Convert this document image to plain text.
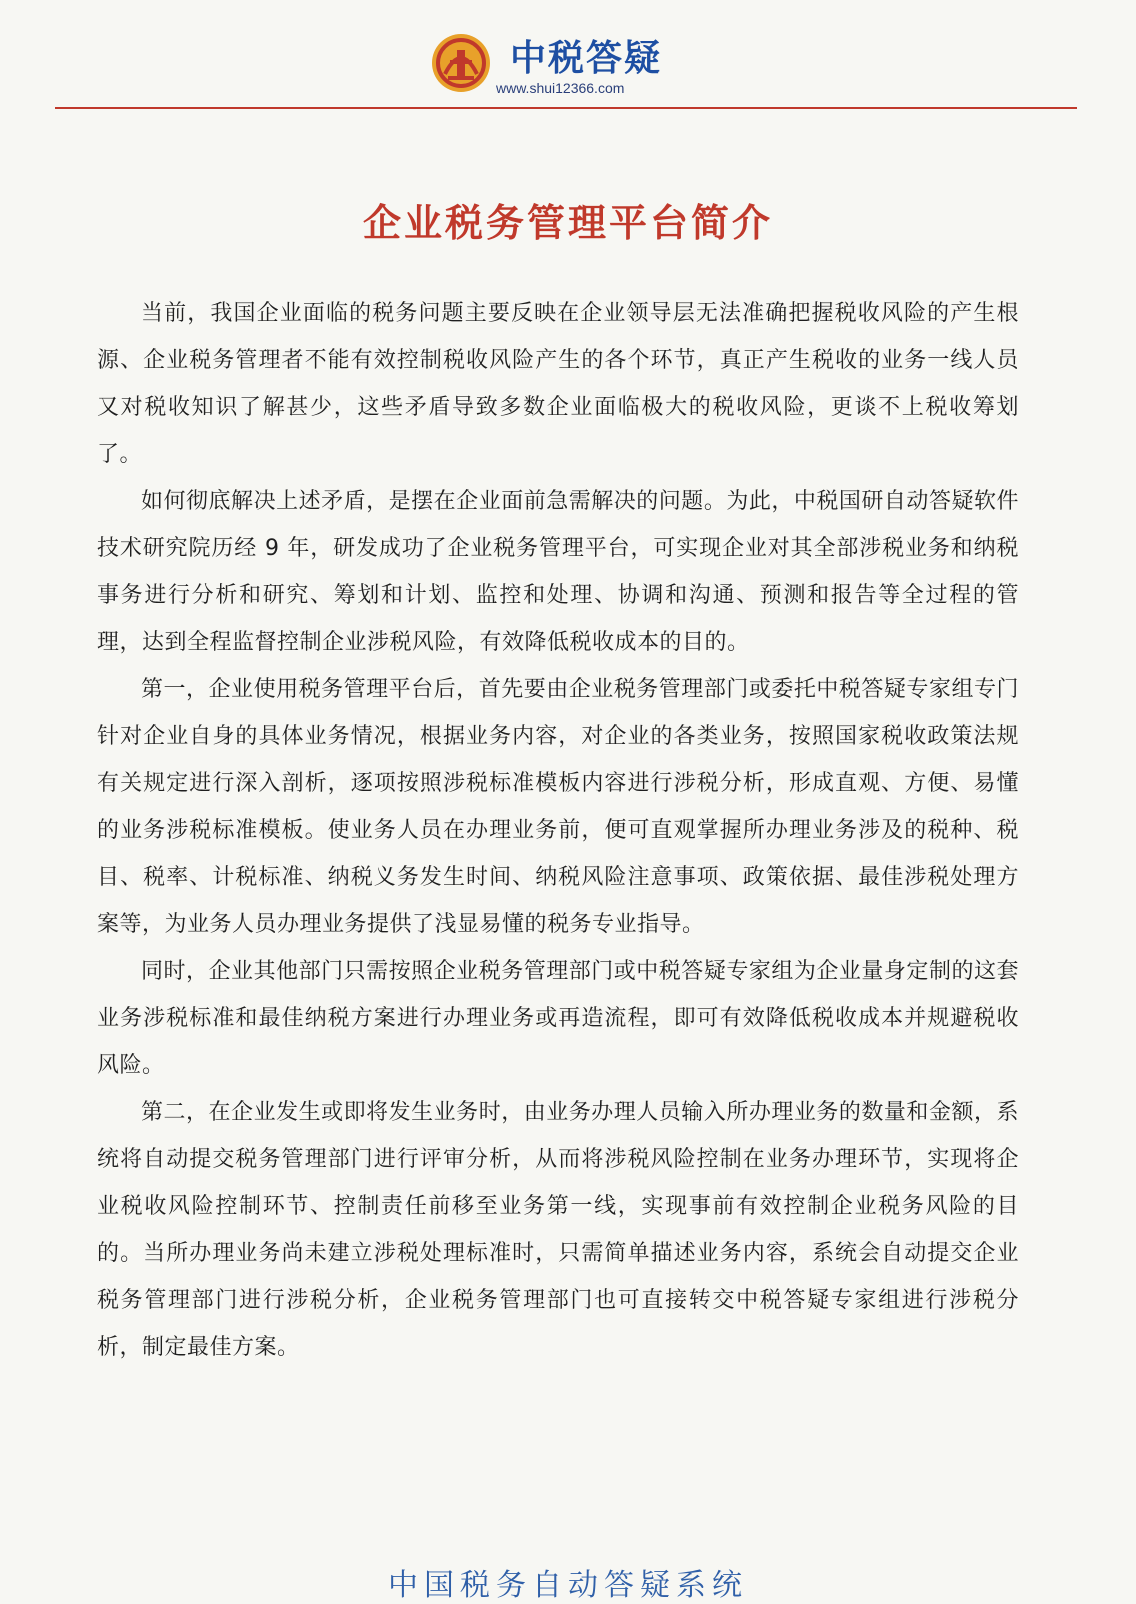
中税答疑
www.shui12366.com
企业税务管理平台简介

当前，我国企业面临的税务问题主要反映在企业领导层无法准确把握税收风险的产生根源、企业税务管理者不能有效控制税收风险产生的各个环节，真正产生税收的业务一线人员又对税收知识了解甚少，这些矛盾导致多数企业面临极大的税收风险，更谈不上税收筹划了。

如何彻底解决上述矛盾，是摆在企业面前急需解决的问题。为此，中税国研自动答疑软件技术研究院历经 9 年，研发成功了企业税务管理平台，可实现企业对其全部涉税业务和纳税事务进行分析和研究、筹划和计划、监控和处理、协调和沟通、预测和报告等全过程的管理，达到全程监督控制企业涉税风险，有效降低税收成本的目的。

第一，企业使用税务管理平台后，首先要由企业税务管理部门或委托中税答疑专家组专门针对企业自身的具体业务情况，根据业务内容，对企业的各类业务，按照国家税收政策法规有关规定进行深入剖析，逐项按照涉税标准模板内容进行涉税分析，形成直观、方便、易懂的业务涉税标准模板。使业务人员在办理业务前，便可直观掌握所办理业务涉及的税种、税目、税率、计税标准、纳税义务发生时间、纳税风险注意事项、政策依据、最佳涉税处理方案等，为业务人员办理业务提供了浅显易懂的税务专业指导。

同时，企业其他部门只需按照企业税务管理部门或中税答疑专家组为企业量身定制的这套业务涉税标准和最佳纳税方案进行办理业务或再造流程，即可有效降低税收成本并规避税收风险。

第二，在企业发生或即将发生业务时，由业务办理人员输入所办理业务的数量和金额，系统将自动提交税务管理部门进行评审分析，从而将涉税风险控制在业务办理环节，实现将企业税收风险控制环节、控制责任前移至业务第一线，实现事前有效控制企业税务风险的目的。当所办理业务尚未建立涉税处理标准时，只需简单描述业务内容，系统会自动提交企业税务管理部门进行涉税分析，企业税务管理部门也可直接转交中税答疑专家组进行涉税分析，制定最佳方案。

中国税务自动答疑系统
